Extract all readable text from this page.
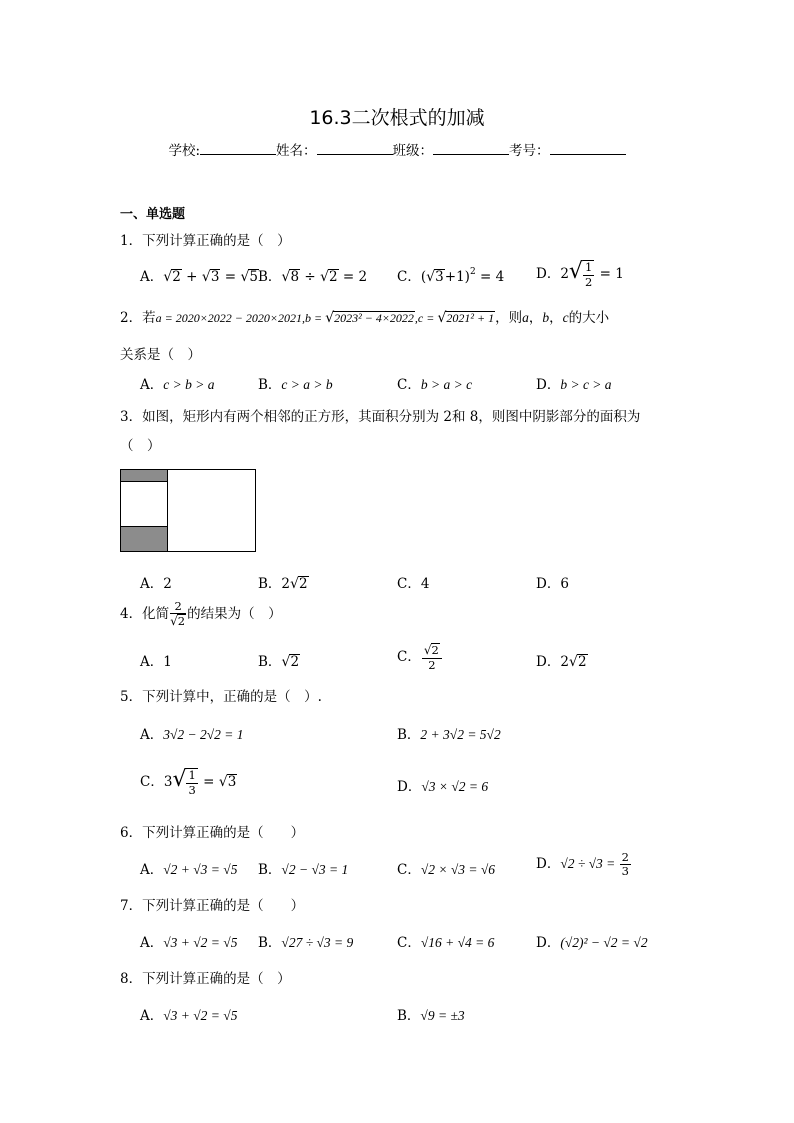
16.3二次根式的加减
学校:	姓名：	班级：	考号：
一、单选题
1．下列计算正确的是（　）
A．√2 + √3 = √5 B．√8 ÷ √2 = 2 C．$(√3+1)^2 = 4$ D．$2√ \frac{1}{2} = 1$
2．若a = 2020×2022 − 2020×2021,b = √2023² − 4×2022,c = √2021² + 1，则a，b，c的大小
关系是（　）
A．c > b > a	B．c > a > b	C．b > a > c	D．b > c > a
3．如图，矩形内有两个相邻的正方形，其面积分别为 2和 8，则图中阴影部分的面积为
（　）
A．2	B．2√2	C．4	D．6
4．化简 $\frac{2}{√2}$ 的结果为（　）
A．1	B．√2	C． $\frac{√2}{2}$	D．2√2
5．下列计算中，正确的是（　）.
A．3√2 − 2√2 = 1	B．2 + 3√2 = 5√2
C．$3√ \frac{1}{3} = √3$	D．√3 × √2 = 6
6．下列计算正确的是（　　）
A．√2 + √3 = √5 B．√2 − √3 = 1	C．√2 × √3 = √6	D．$√2 \div √3 = \frac{2}{3}$
7．下列计算正确的是（　　）
A．√3 + √2 = √5 B．√27 ÷ √3 = 9	C．√16 + √4 = 6	D．(√2)² − √2 = √2
8．下列计算正确的是（　）
A．√3 + √2 = √5	B．√9 = ±3
